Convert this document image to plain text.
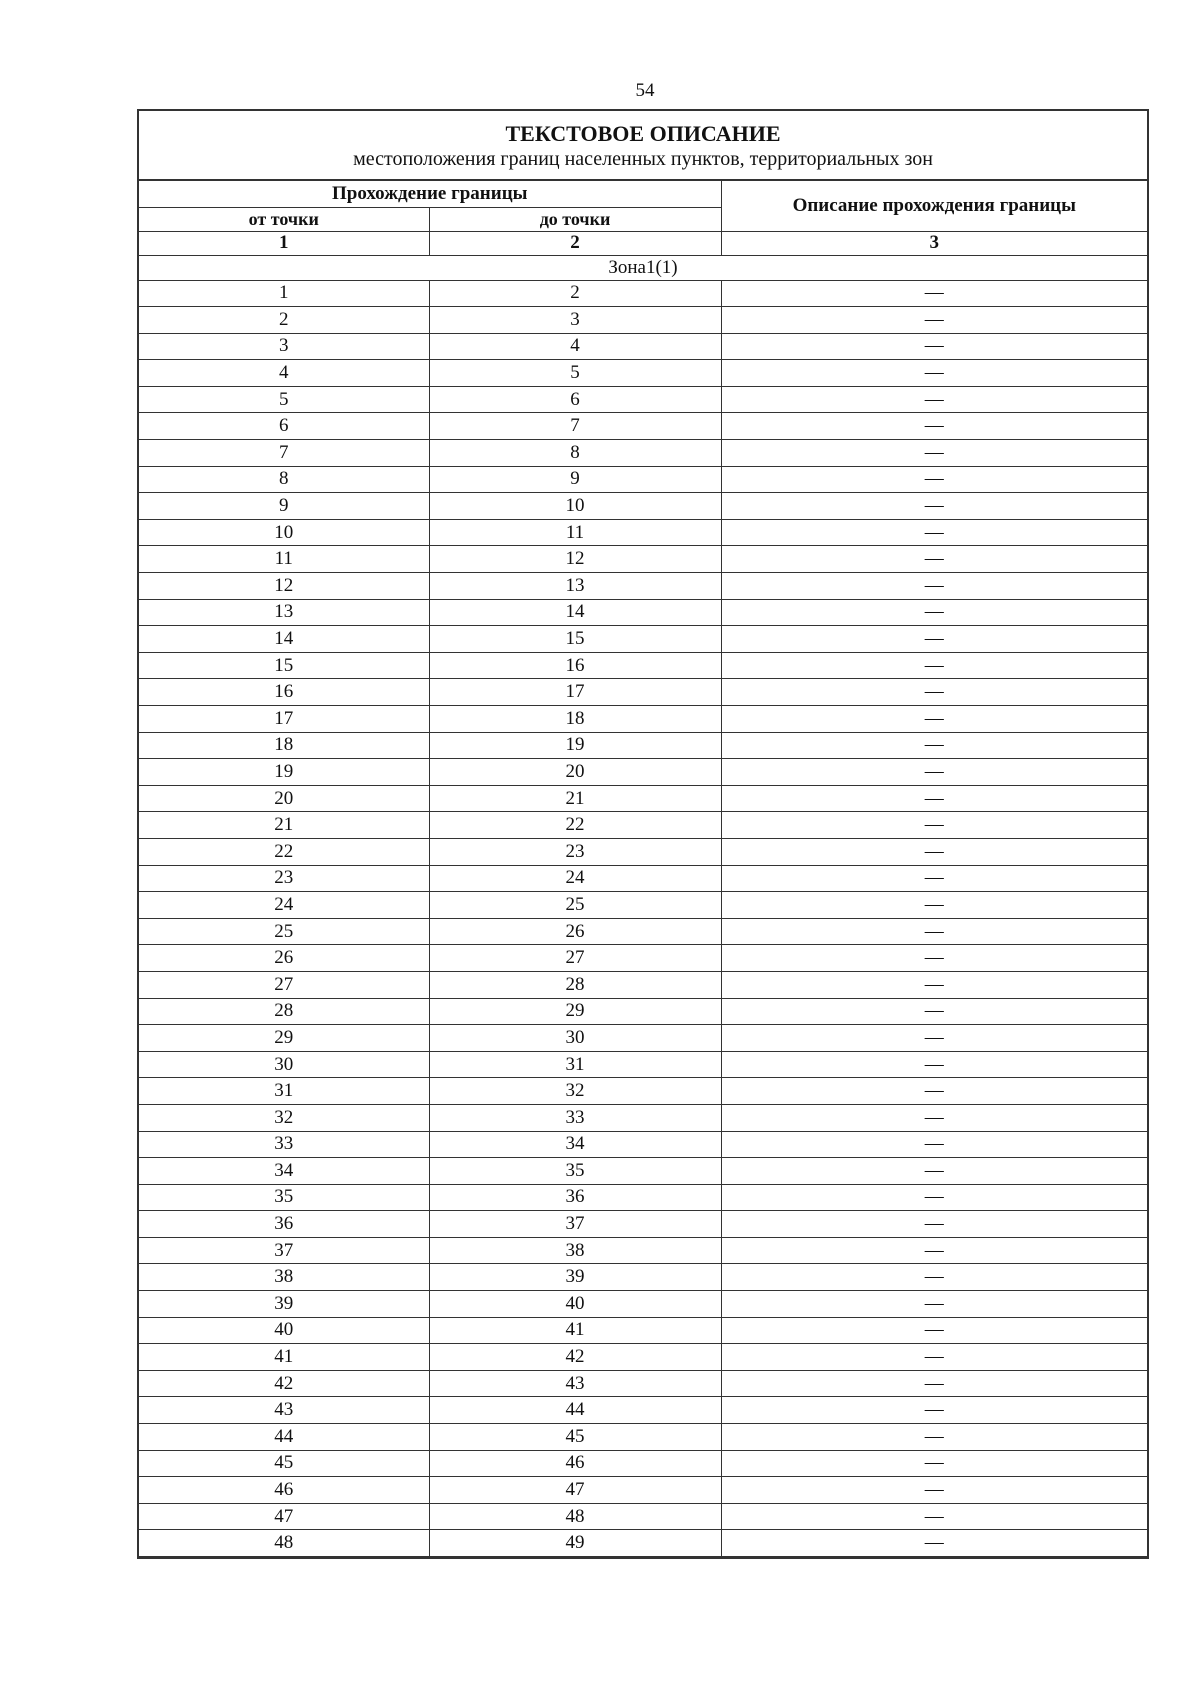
54
ТЕКСТОВОЕ ОПИСАНИЕ
местоположения границ населенных пунктов, территориальных зон
Прохождение границы		Описание прохождения границы
от точки	до точки	
1	2	3
Зона1(1)		
1	2	—
2	3	—
3	4	—
4	5	—
5	6	—
6	7	—
7	8	—
8	9	—
9	10	—
10	11	—
11	12	—
12	13	—
13	14	—
14	15	—
15	16	—
16	17	—
17	18	—
18	19	—
19	20	—
20	21	—
21	22	—
22	23	—
23	24	—
24	25	—
25	26	—
26	27	—
27	28	—
28	29	—
29	30	—
30	31	—
31	32	—
32	33	—
33	34	—
34	35	—
35	36	—
36	37	—
37	38	—
38	39	—
39	40	—
40	41	—
41	42	—
42	43	—
43	44	—
44	45	—
45	46	—
46	47	—
47	48	—
48	49	—
